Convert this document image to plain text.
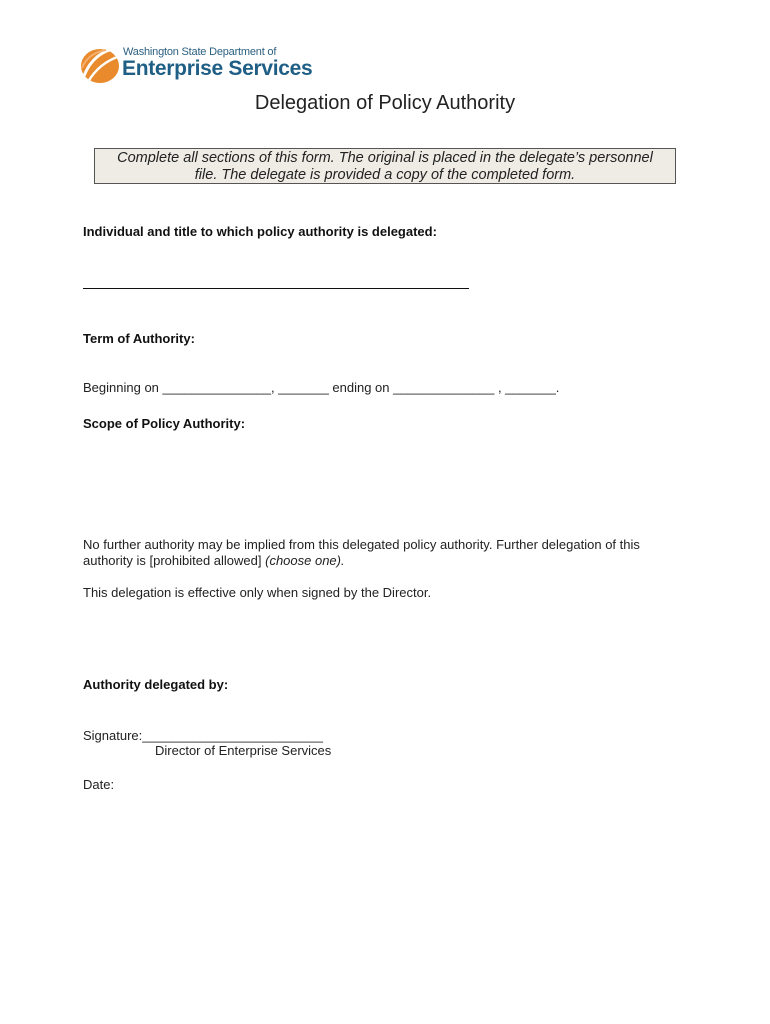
Washington State Department of
Enterprise Services
Delegation of Policy Authority
Complete all sections of this form. The original is placed in the delegate’s personnel
file. The delegate is provided a copy of the completed form.
Individual and title to which policy authority is delegated:
Term of Authority:
Beginning on _______________, _______ ending on ______________ , _______.
Scope of Policy Authority:
No further authority may be implied from this delegated policy authority. Further delegation of this
authority is [prohibited allowed] (choose one).
This delegation is effective only when signed by the Director.
Authority delegated by:
Signature:_________________________
Director of Enterprise Services
Date:
